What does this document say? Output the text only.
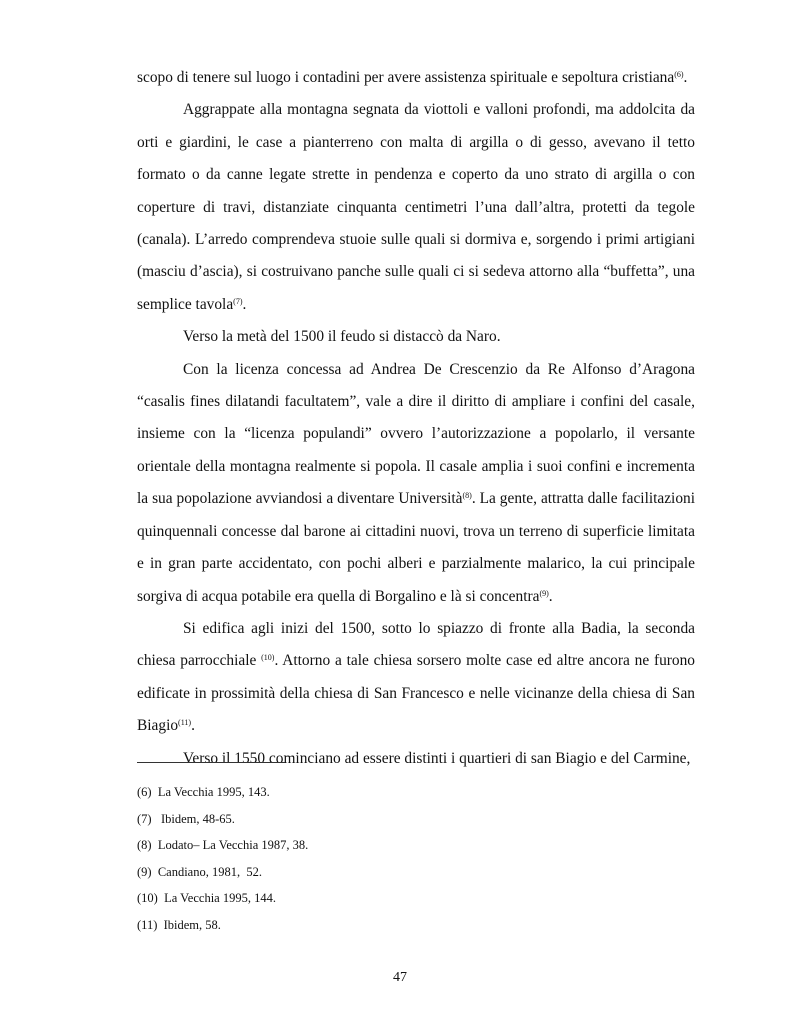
scopo di tenere sul luogo i contadini per avere assistenza spirituale e sepoltura cristiana$^{(6)}$.

Aggrappate alla montagna segnata da viottoli e valloni profondi, ma addolcita da orti e giardini, le case a pianterreno con malta di argilla o di gesso, avevano il tetto formato o da canne legate strette in pendenza e coperto da uno strato di argilla o con coperture di travi, distanziate cinquanta centimetri l’una dall’altra, protetti da tegole (canala). L’arredo comprendeva stuoie sulle quali si dormiva e, sorgendo i primi artigiani (masciu d’ascia), si costruivano panche sulle quali ci si sedeva attorno alla “buffetta”, una semplice tavola$^{(7)}$.

Verso la metà del 1500 il feudo si distaccò da Naro.

Con la licenza concessa ad Andrea De Crescenzio da Re Alfonso d’Aragona “casalis fines dilatandi facultatem”, vale a dire il diritto di ampliare i confini del casale, insieme con la “licenza populandi” ovvero l’autorizzazione a popolarlo, il versante orientale della montagna realmente si popola. Il casale amplia i suoi confini e incrementa la sua popolazione avviandosi a diventare Università$^{(8)}$. La gente, attratta dalle facilitazioni quinquennali concesse dal barone ai cittadini nuovi, trova un terreno di superficie limitata e in gran parte accidentato, con pochi alberi e parzialmente malarico, la cui principale sorgiva di acqua potabile era quella di Borgalino e là si concentra$^{(9)}$.

Si edifica agli inizi del 1500, sotto lo spiazzo di fronte alla Badia, la seconda chiesa parrocchiale $^{(10)}$. Attorno a tale chiesa sorsero molte case ed altre ancora ne furono edificate in prossimità della chiesa di San Francesco e nelle vicinanze della chiesa di San Biagio$^{(11)}$.

Verso il 1550 cominciano ad essere distinti i quartieri di san Biagio e del Carmine,

(6)  La Vecchia 1995, 143.
(7)   Ibidem, 48-65.
(8)  Lodato– La Vecchia 1987, 38.
(9)  Candiano, 1981,  52.
(10)  La Vecchia 1995, 144.
(11)  Ibidem, 58.
47
